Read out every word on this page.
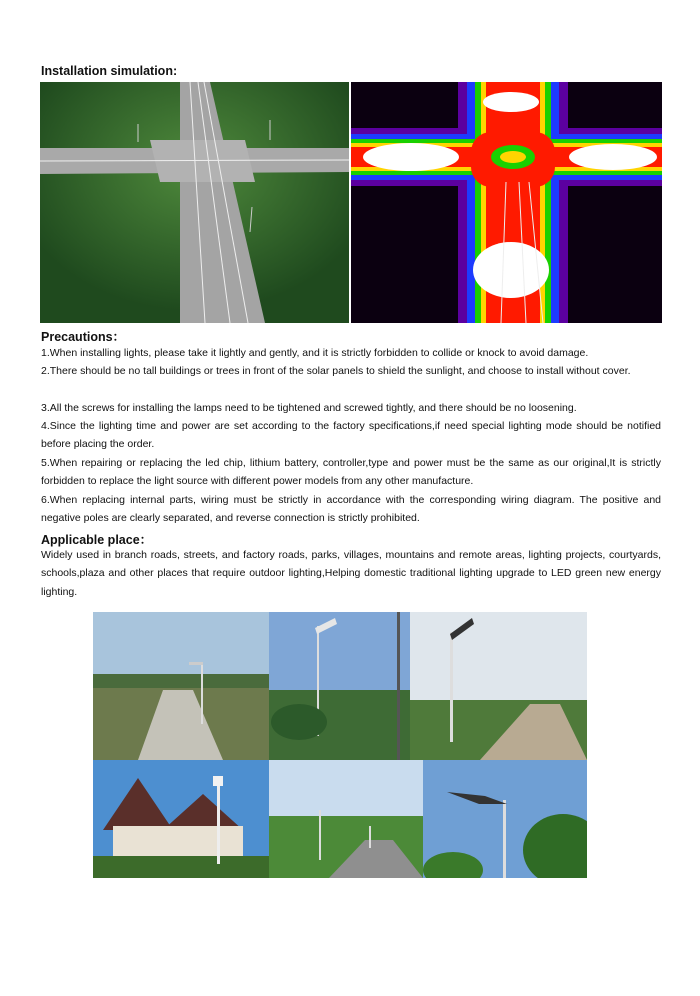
Installation simulation:
Precautions：

1.When installing lights, please take it lightly and gently, and it is strictly forbidden to collide or knock to avoid damage.

2.There should be no tall buildings or trees in front of the solar panels to shield the sunlight, and choose to install without cover.

3.All the screws for installing the lamps need to be tightened and screwed tightly, and there should be no loosening.

4.Since the lighting time and power are set according to the factory specifications,if need special lighting mode should be notified before placing the order.

5.When repairing or replacing the led chip, lithium battery, controller,type and power must be the same as our original,It is strictly forbidden to replace the light source with different power models from any other manufacture.

6.When replacing internal parts, wiring must be strictly in accordance with the corresponding wiring diagram. The positive and negative poles are clearly separated, and reverse connection is strictly prohibited.

Applicable place：

Widely used in branch roads, streets, and factory roads, parks, villages, mountains and remote areas, lighting projects, courtyards, schools,plaza and other places that require outdoor lighting,Helping domestic traditional lighting upgrade to LED green new energy lighting.
